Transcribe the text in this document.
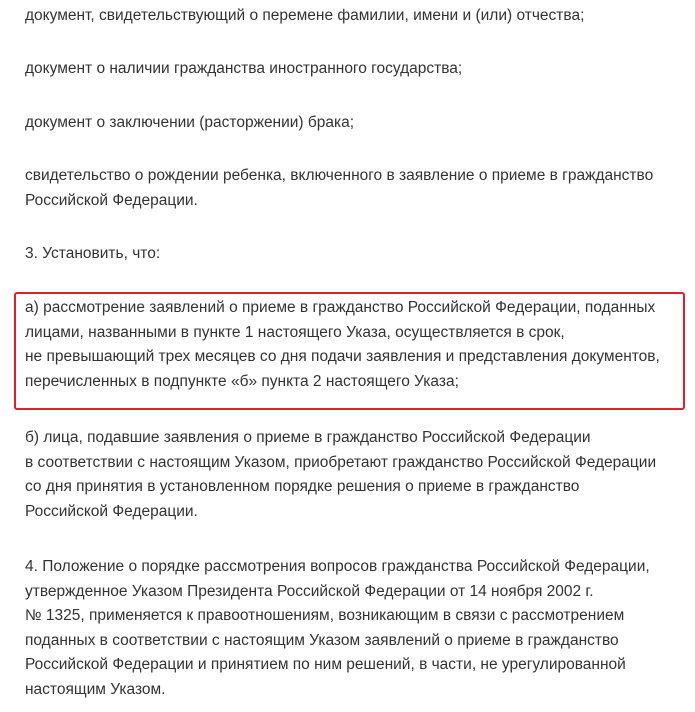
документ, свидетельствующий о перемене фамилии, имени и (или) отчества;

документ о наличии гражданства иностранного государства;

документ о заключении (расторжении) брака;

свидетельство о рождении ребенка, включенного в заявление о приеме в гражданство
Российской Федерации.

3. Установить, что:

а) рассмотрение заявлений о приеме в гражданство Российской Федерации, поданных
лицами, названными в пункте 1 настоящего Указа, осуществляется в срок,
не превышающий трех месяцев со дня подачи заявления и представления документов,
перечисленных в подпункте «б» пункта 2 настоящего Указа;

б) лица, подавшие заявления о приеме в гражданство Российской Федерации
в соответствии с настоящим Указом, приобретают гражданство Российской Федерации
со дня принятия в установленном порядке решения о приеме в гражданство
Российской Федерации.

4. Положение о порядке рассмотрения вопросов гражданства Российской Федерации,
утвержденное Указом Президента Российской Федерации от 14 ноября 2002 г.
№ 1325, применяется к правоотношениям, возникающим в связи с рассмотрением
поданных в соответствии с настоящим Указом заявлений о приеме в гражданство
Российской Федерации и принятием по ним решений, в части, не урегулированной
настоящим Указом.
